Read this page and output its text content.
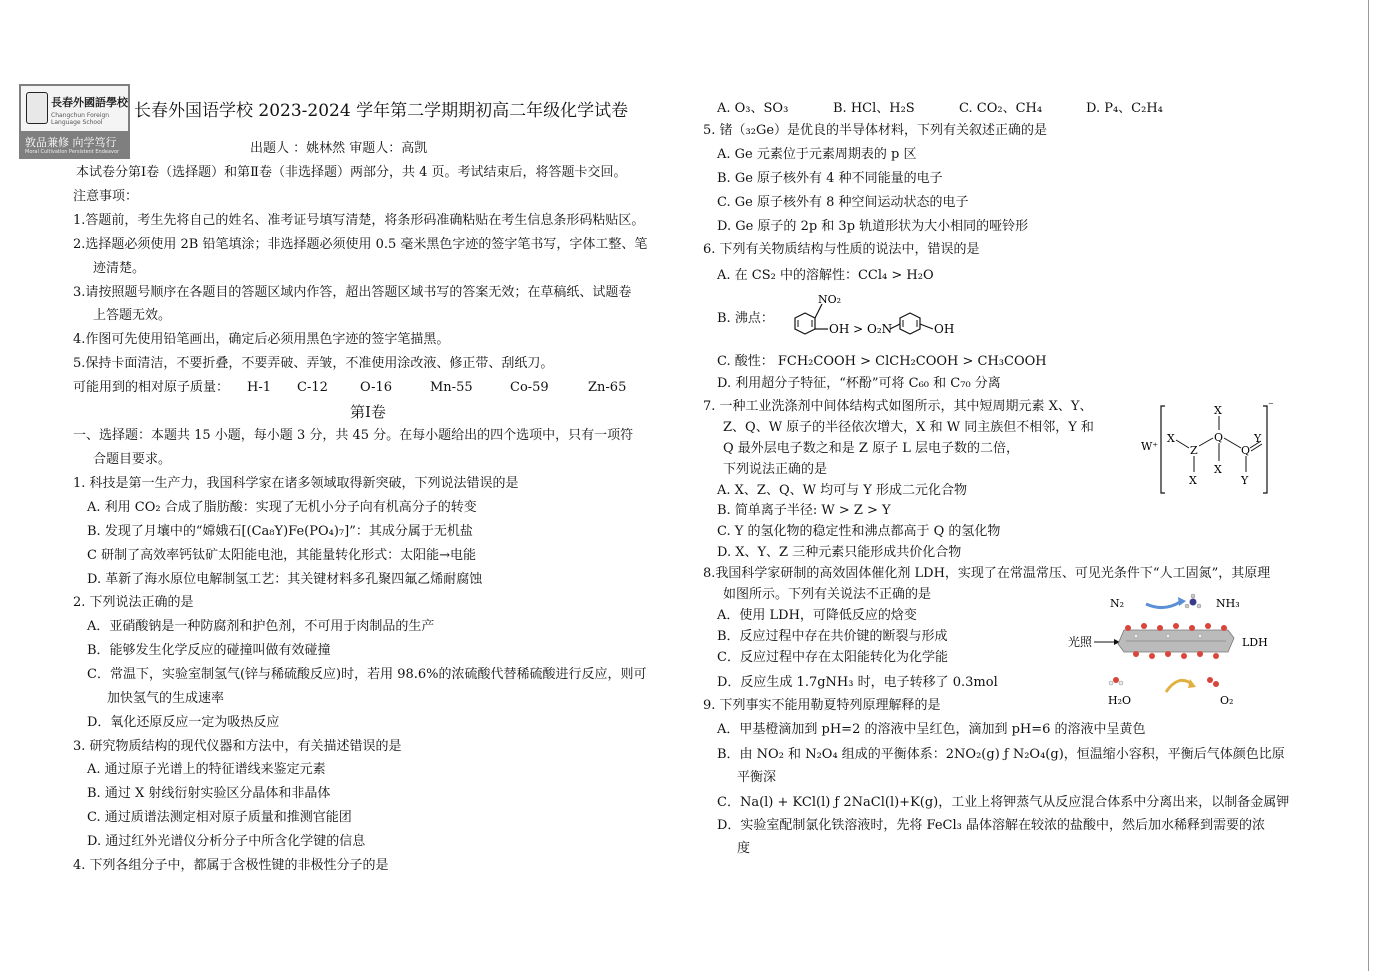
長春外國語學校
Changchun Foreign Language School
敦品兼修 向学笃行
Moral Cultivation Persistent Endeavor
长春外国语学校 2023-2024 学年第二学期期初高二年级化学试卷
出题人 ：姚林然 审题人：高凯
本试卷分第Ⅰ卷（选择题）和第Ⅱ卷（非选择题）两部分，共 4 页。考试结束后，将答题卡交回。
注意事项：
1.答题前，考生先将自己的姓名、准考证号填写清楚，将条形码准确粘贴在考生信息条形码粘贴区。
2.选择题必须使用 2B 铅笔填涂；非选择题必须使用 0.5 毫米黑色字迹的签字笔书写，字体工整、笔
迹清楚。
3.请按照题号顺序在各题目的答题区域内作答，超出答题区域书写的答案无效；在草稿纸、试题卷
上答题无效。
4.作图可先使用铅笔画出，确定后必须用黑色字迹的签字笔描黑。
5.保持卡面清洁，不要折叠，不要弄破、弄皱，不准使用涂改液、修正带、刮纸刀。
可能用到的相对原子质量： H-1 C-12 O-16	Mn-55	Co-59	Zn-65
第Ⅰ卷
一、选择题：本题共 15 小题，每小题 3 分，共 45 分。在每小题给出的四个选项中，只有一项符
合题目要求。
1. 科技是第一生产力，我国科学家在诸多领域取得新突破，下列说法错误的是
A. 利用 CO₂ 合成了脂肪酸：实现了无机小分子向有机高分子的转变
B. 发现了月壤中的“嫦娥石[(Ca₈Y)Fe(PO₄)₇]”：其成分属于无机盐
C 研制了高效率钙钛矿太阳能电池，其能量转化形式：太阳能→电能
D. 革新了海水原位电解制氢工艺：其关键材料多孔聚四氟乙烯耐腐蚀
2. 下列说法正确的是
A．亚硝酸钠是一种防腐剂和护色剂，不可用于肉制品的生产
B．能够发生化学反应的碰撞叫做有效碰撞
C．常温下，实验室制氢气(锌与稀硫酸反应)时，若用 98.6%的浓硫酸代替稀硫酸进行反应，则可
加快氢气的生成速率
D．氧化还原反应一定为吸热反应
3. 研究物质结构的现代仪器和方法中，有关描述错误的是
A. 通过原子光谱上的特征谱线来鉴定元素
B. 通过 X 射线衍射实验区分晶体和非晶体
C. 通过质谱法测定相对原子质量和推测官能团
D. 通过红外光谱仪分析分子中所含化学键的信息
4. 下列各组分子中，都属于含极性键的非极性分子的是
A. O₃、SO₃	B. HCl、H₂S	C. CO₂、CH₄	D. P₄、C₂H₄
5. 锗（₃₂Ge）是优良的半导体材料，下列有关叙述正确的是
A. Ge 元素位于元素周期表的 p 区
B. Ge 原子核外有 4 种不同能量的电子
C. Ge 原子核外有 8 种空间运动状态的电子
D. Ge 原子的 2p 和 3p 轨道形状为大小相同的哑铃形
6. 下列有关物质结构与性质的说法中，错误的是
A. 在 CS₂ 中的溶解性：CCl₄ > H₂O
B. 沸点：
NO₂
OH > O₂N	OH
C. 酸性： FCH₂COOH > ClCH₂COOH > CH₃COOH
D. 利用超分子特征，“杯酚”可将 C₆₀ 和 C₇₀ 分离
7. 一种工业洗涤剂中间体结构式如图所示，其中短周期元素 X、Y、
Z、Q、W 原子的半径依次增大，X 和 W 同主族但不相邻，Y 和
Q 最外层电子数之和是 Z 原子 L 层电子数的二倍，
下列说法正确的是
A. X、Z、Q、W 均可与 Y 形成二元化合物
B. 简单离子半径: W > Z > Y
C. Y 的氢化物的稳定性和沸点都高于 Q 的氢化物
D. X、Y、Z 三种元素只能形成共价化合物
W⁺
⁻
X
Z
X
Q
X
X
Q
Y
Y
8.我国科学家研制的高效固体催化剂 LDH，实现了在常温常压、可见光条件下“人工固氮”，其原理
如图所示。下列有关说法不正确的是
A．使用 LDH，可降低反应的焓变
B．反应过程中存在共价键的断裂与形成
C．反应过程中存在太阳能转化为化学能
D．反应生成 1.7gNH₃ 时，电子转移了 0.3mol
N₂	NH₃
光照	LDH
H₂O	O₂
9. 下列事实不能用勒夏特列原理解释的是
A．甲基橙滴加到 pH=2 的溶液中呈红色，滴加到 pH=6 的溶液中呈黄色
B．由 NO₂ 和 N₂O₄ 组成的平衡体系：2NO₂(g) ƒ N₂O₄(g)，恒温缩小容积，平衡后气体颜色比原
平衡深
C．Na(l) + KCl(l) ƒ 2NaCl(l)+K(g)，工业上将钾蒸气从反应混合体系中分离出来，以制备金属钾
D．实验室配制氯化铁溶液时，先将 FeCl₃ 晶体溶解在较浓的盐酸中，然后加水稀释到需要的浓
度
